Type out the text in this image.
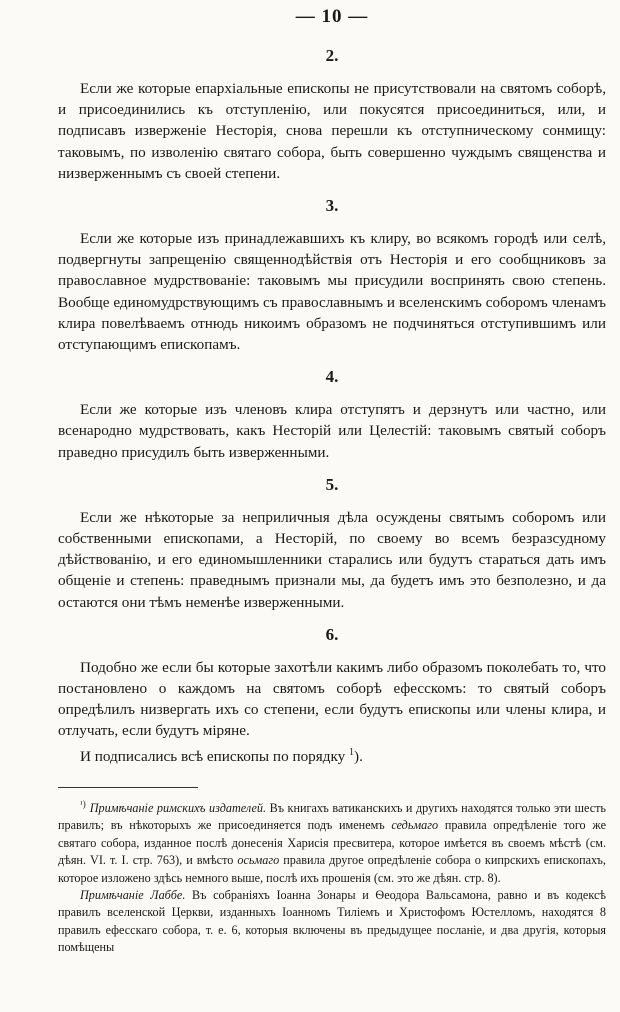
— 10 —
2.

Если же которые епархіальные епископы не присутствовали на святомъ соборѣ, и присоединились къ отступленію, или покусятся присоединиться, или, и подписавъ изверженіе Несторія, снова перешли къ отступническому сонмищу: таковымъ, по изволенію святаго собора, быть совершенно чуждымъ священства и низверженнымъ съ своей степени.

3.

Если же которые изъ принадлежавшихъ къ клиру, во всякомъ городѣ или селѣ, подвергнуты запрещенію священнодѣйствія отъ Несторія и его сообщниковъ за православное мудрствованіе: таковымъ мы присудили воспринять свою степень. Вообще единомудрствующимъ съ православнымъ и вселенскимъ соборомъ членамъ клира повелѣваемъ отнюдь никоимъ образомъ не подчиняться отступившимъ или отступающимъ епископамъ.

4.

Если же которые изъ членовъ клира отступятъ и дерзнутъ или частно, или всенародно мудрствовать, какъ Несторій или Целестій: таковымъ святый соборъ праведно присудилъ быть изверженными.

5.

Если же нѣкоторые за неприличныя дѣла осуждены святымъ соборомъ или собственными епископами, а Несторій, по своему во всемъ безразсудному дѣйствованію, и его единомышленники старались или будутъ стараться дать имъ общеніе и степень: праведнымъ признали мы, да будетъ имъ это безполезно, и да остаются они тѣмъ неменѣе изверженными.

6.

Подобно же если бы которые захотѣли какимъ либо образомъ поколебать то, что постановлено о каждомъ на святомъ соборѣ ефесскомъ: то святый соборъ опредѣлилъ низвергать ихъ со степени, если будутъ епископы или члены клира, и отлучать, если будутъ міряне.

И подписались всѣ епископы по порядку $^1$).

$^{^1)}$ Примѣчаніе римскихъ издателей. Въ книгахъ ватиканскихъ и другихъ находятся только эти шесть правилъ; въ нѣкоторыхъ же присоединяется подъ именемъ седьмаго правила опредѣленіе того же святаго собора, изданное послѣ донесенія Харисія пресвитера, которое имѣется въ своемъ мѣстѣ (см. дѣян. VI. т. I. стр. 763), и вмѣсто осьмаго правила другое опредѣленіе собора о кипрскихъ епископахъ, которое изложено здѣсь немного выше, послѣ ихъ прошенія (см. это же дѣян. стр. 8).

Примѣчаніе Лаббе. Въ собраніяхъ Іоанна Зонары и Ѳеодора Вальсамона, равно и въ кодексѣ правилъ вселенской Церкви, изданныхъ Іоанномъ Тиліемъ и Христофомъ Юстелломъ, находятся 8 правилъ ефесскаго собора, т. е. 6, которыя включены въ предыдущее посланіе, и два другія, которыя помѣщены
